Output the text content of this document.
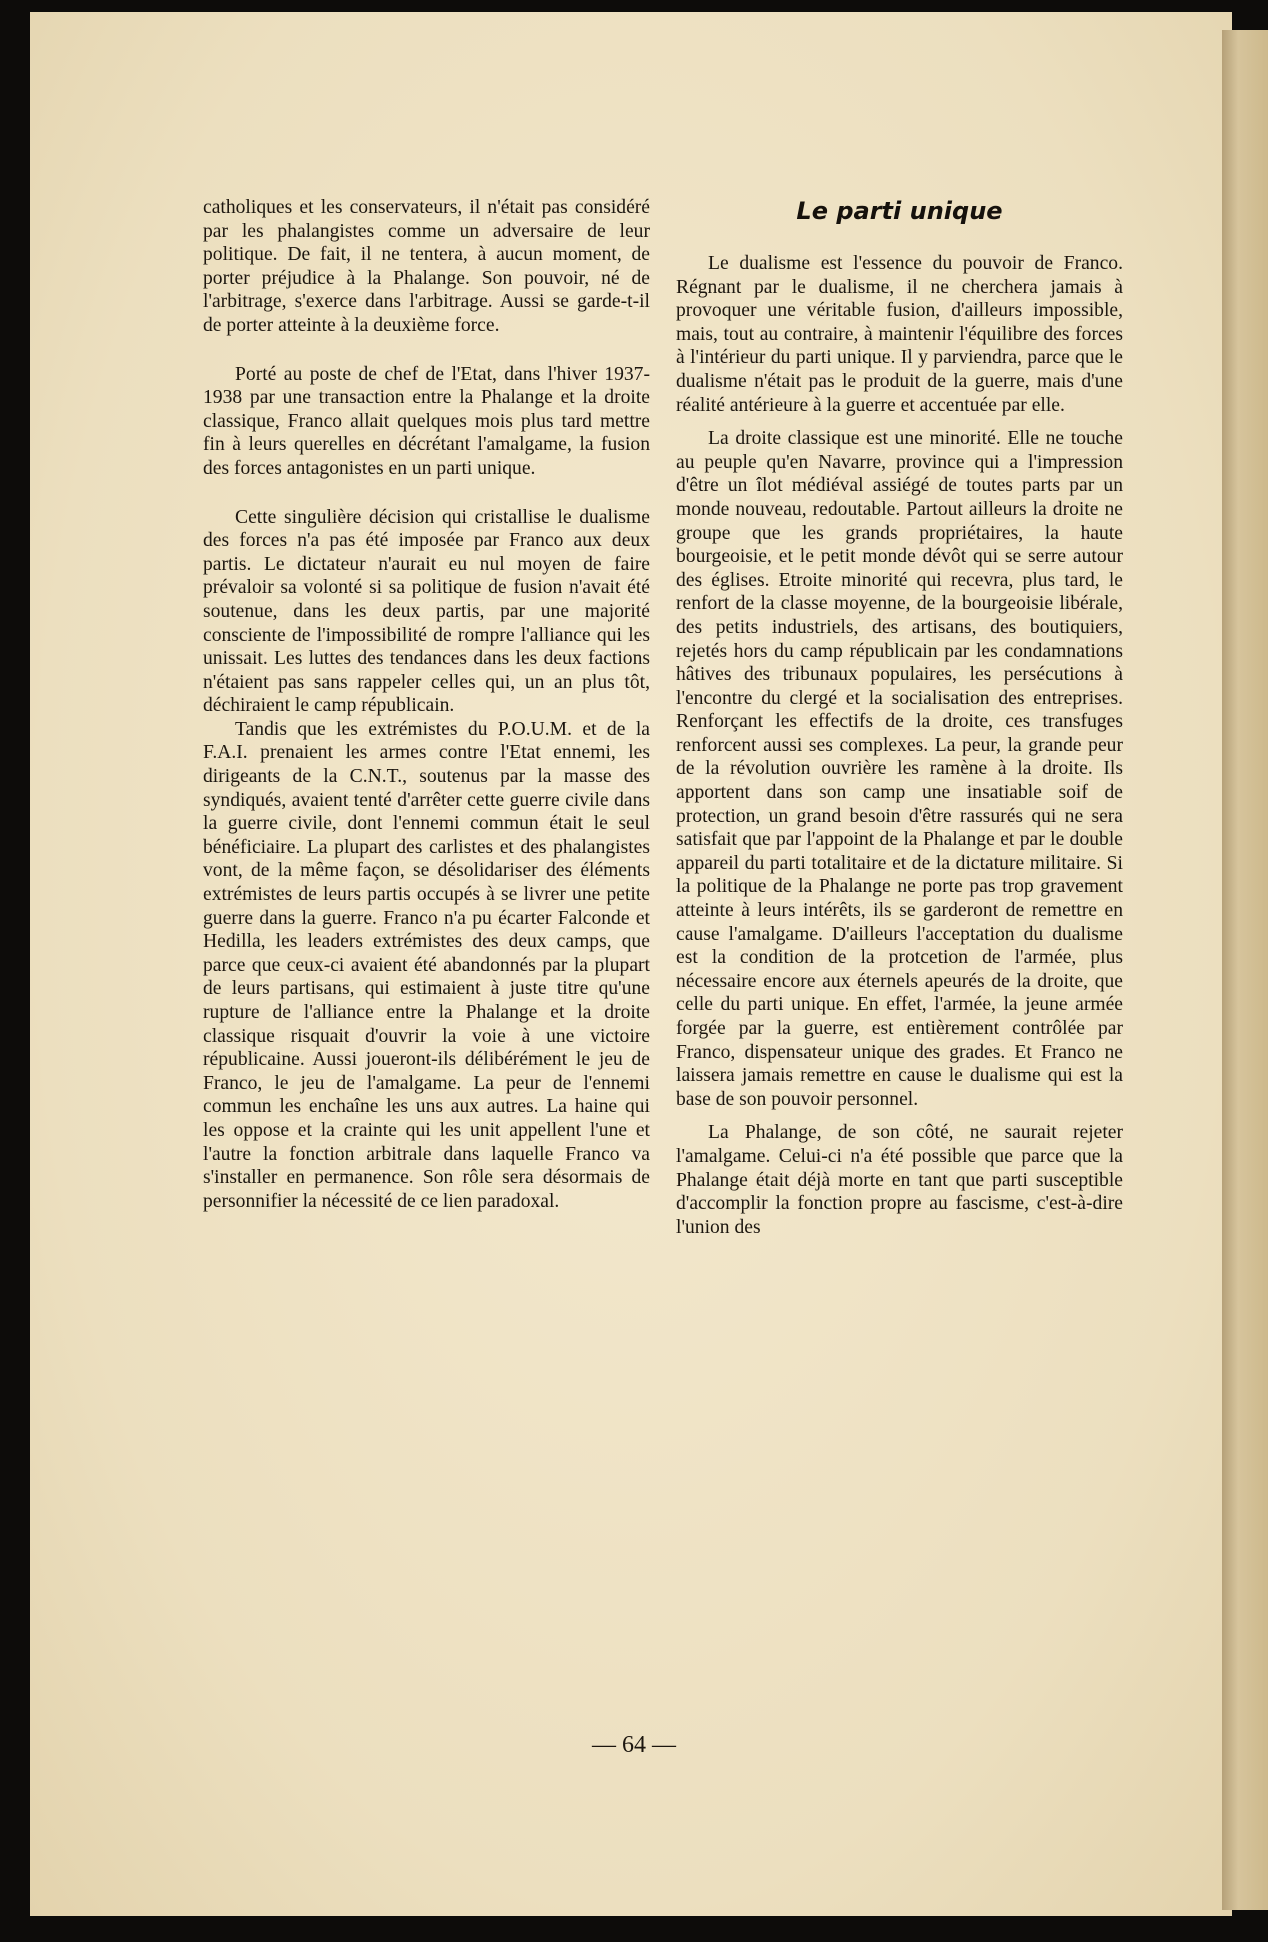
catholiques et les conservateurs, il n'était pas considéré par les phalangistes comme un adversaire de leur politique. De fait, il ne tentera, à aucun moment, de porter préjudice à la Phalange. Son pouvoir, né de l'arbitrage, s'exerce dans l'arbitrage. Aussi se garde-t-il de porter atteinte à la deuxième force.

Porté au poste de chef de l'Etat, dans l'hiver 1937-1938 par une transaction entre la Phalange et la droite classique, Franco allait quelques mois plus tard mettre fin à leurs querelles en décrétant l'amalgame, la fusion des forces antagonistes en un parti unique.

Cette singulière décision qui cristallise le dualisme des forces n'a pas été imposée par Franco aux deux partis. Le dictateur n'aurait eu nul moyen de faire prévaloir sa volonté si sa politique de fusion n'avait été soutenue, dans les deux partis, par une majorité consciente de l'impossibilité de rompre l'alliance qui les unissait. Les luttes des tendances dans les deux factions n'étaient pas sans rappeler celles qui, un an plus tôt, déchiraient le camp républicain.

Tandis que les extrémistes du P.O.U.M. et de la F.A.I. prenaient les armes contre l'Etat ennemi, les dirigeants de la C.N.T., soutenus par la masse des syndiqués, avaient tenté d'arrêter cette guerre civile dans la guerre civile, dont l'ennemi commun était le seul bénéficiaire. La plupart des carlistes et des phalangistes vont, de la même façon, se désolidariser des éléments extrémistes de leurs partis occupés à se livrer une petite guerre dans la guerre. Franco n'a pu écarter Falconde et Hedilla, les leaders extrémistes des deux camps, que parce que ceux-ci avaient été abandonnés par la plupart de leurs partisans, qui estimaient à juste titre qu'une rupture de l'alliance entre la Phalange et la droite classique risquait d'ouvrir la voie à une victoire républicaine. Aussi joueront-ils délibérément le jeu de Franco, le jeu de l'amalgame. La peur de l'ennemi commun les enchaîne les uns aux autres. La haine qui les oppose et la crainte qui les unit appellent l'une et l'autre la fonction arbitrale dans laquelle Franco va s'installer en permanence. Son rôle sera désormais de personnifier la nécessité de ce lien paradoxal.

Le parti unique

Le dualisme est l'essence du pouvoir de Franco. Régnant par le dualisme, il ne cherchera jamais à provoquer une véritable fusion, d'ailleurs impossible, mais, tout au contraire, à maintenir l'équilibre des forces à l'intérieur du parti unique. Il y parviendra, parce que le dualisme n'était pas le produit de la guerre, mais d'une réalité antérieure à la guerre et accentuée par elle.

La droite classique est une minorité. Elle ne touche au peuple qu'en Navarre, province qui a l'impression d'être un îlot médiéval assiégé de toutes parts par un monde nouveau, redoutable. Partout ailleurs la droite ne groupe que les grands propriétaires, la haute bourgeoisie, et le petit monde dévôt qui se serre autour des églises. Etroite minorité qui recevra, plus tard, le renfort de la classe moyenne, de la bourgeoisie libérale, des petits industriels, des artisans, des boutiquiers, rejetés hors du camp républicain par les condamnations hâtives des tribunaux populaires, les persécutions à l'encontre du clergé et la socialisation des entreprises. Renforçant les effectifs de la droite, ces transfuges renforcent aussi ses complexes. La peur, la grande peur de la révolution ouvrière les ramène à la droite. Ils apportent dans son camp une insatiable soif de protection, un grand besoin d'être rassurés qui ne sera satisfait que par l'appoint de la Phalange et par le double appareil du parti totalitaire et de la dictature militaire. Si la politique de la Phalange ne porte pas trop gravement atteinte à leurs intérêts, ils se garderont de remettre en cause l'amalgame. D'ailleurs l'acceptation du dualisme est la condition de la protcetion de l'armée, plus nécessaire encore aux éternels apeurés de la droite, que celle du parti unique. En effet, l'armée, la jeune armée forgée par la guerre, est entièrement contrôlée par Franco, dispensateur unique des grades. Et Franco ne laissera jamais remettre en cause le dualisme qui est la base de son pouvoir personnel.

La Phalange, de son côté, ne saurait rejeter l'amalgame. Celui-ci n'a été possible que parce que la Phalange était déjà morte en tant que parti susceptible d'accomplir la fonction propre au fascisme, c'est-à-dire l'union des

— 64 —
